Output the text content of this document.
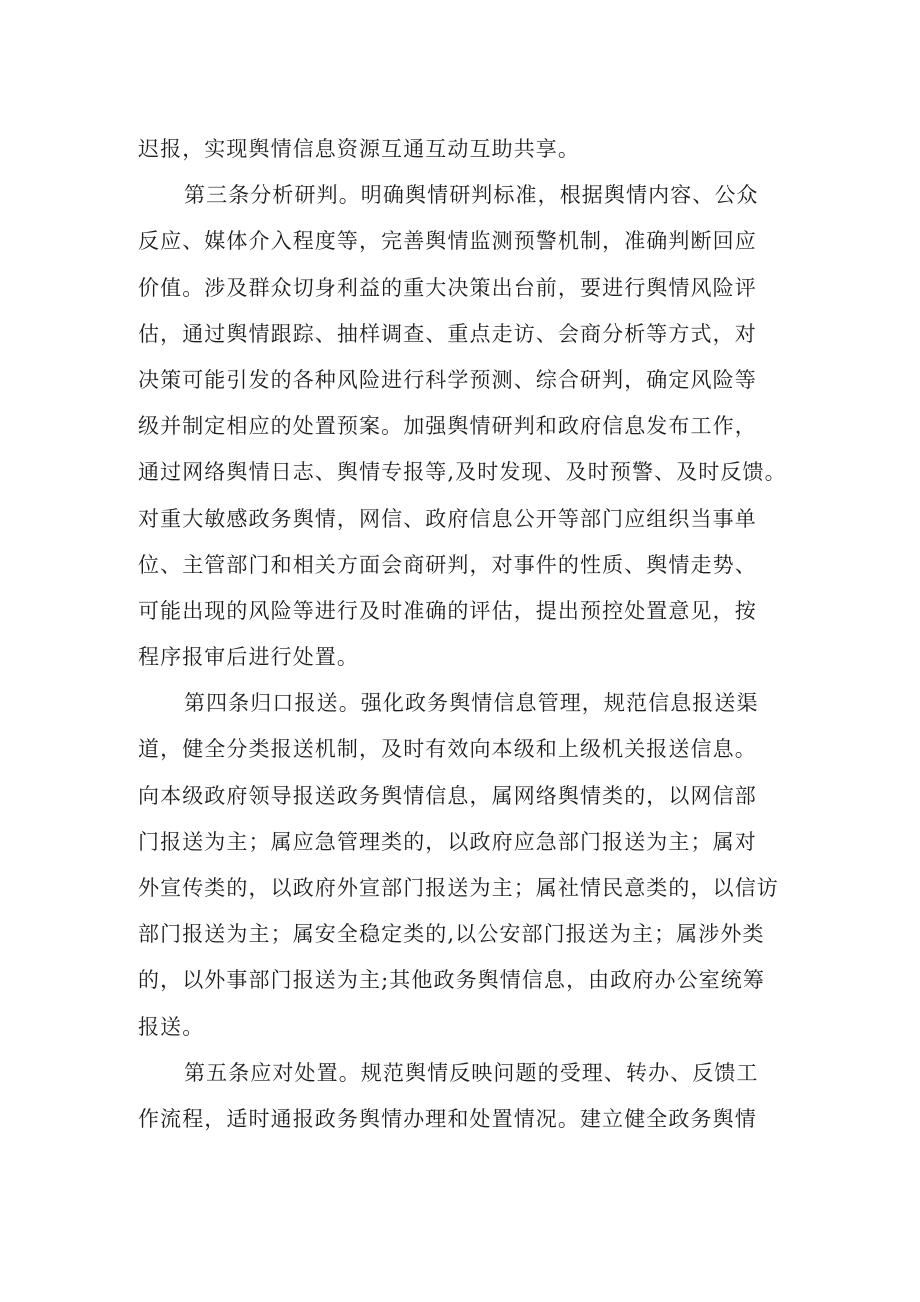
迟报，实现舆情信息资源互通互动互助共享。
第三条分析研判。明确舆情研判标准，根据舆情内容、公众
反应、媒体介入程度等，完善舆情监测预警机制，准确判断回应
价值。涉及群众切身利益的重大决策出台前，要进行舆情风险评
估，通过舆情跟踪、抽样调查、重点走访、会商分析等方式，对
决策可能引发的各种风险进行科学预测、综合研判，确定风险等
级并制定相应的处置预案。加强舆情研判和政府信息发布工作，
通过网络舆情日志、舆情专报等,及时发现、及时预警、及时反馈。
对重大敏感政务舆情，网信、政府信息公开等部门应组织当事单
位、主管部门和相关方面会商研判，对事件的性质、舆情走势、
可能出现的风险等进行及时准确的评估，提出预控处置意见，按
程序报审后进行处置。
第四条归口报送。强化政务舆情信息管理，规范信息报送渠
道，健全分类报送机制，及时有效向本级和上级机关报送信息。
向本级政府领导报送政务舆情信息，属网络舆情类的，以网信部
门报送为主；属应急管理类的，以政府应急部门报送为主；属对
外宣传类的，以政府外宣部门报送为主；属社情民意类的，以信访
部门报送为主；属安全稳定类的,以公安部门报送为主；属涉外类
的，以外事部门报送为主;其他政务舆情信息，由政府办公室统筹
报送。
第五条应对处置。规范舆情反映问题的受理、转办、反馈工
作流程，适时通报政务舆情办理和处置情况。建立健全政务舆情
